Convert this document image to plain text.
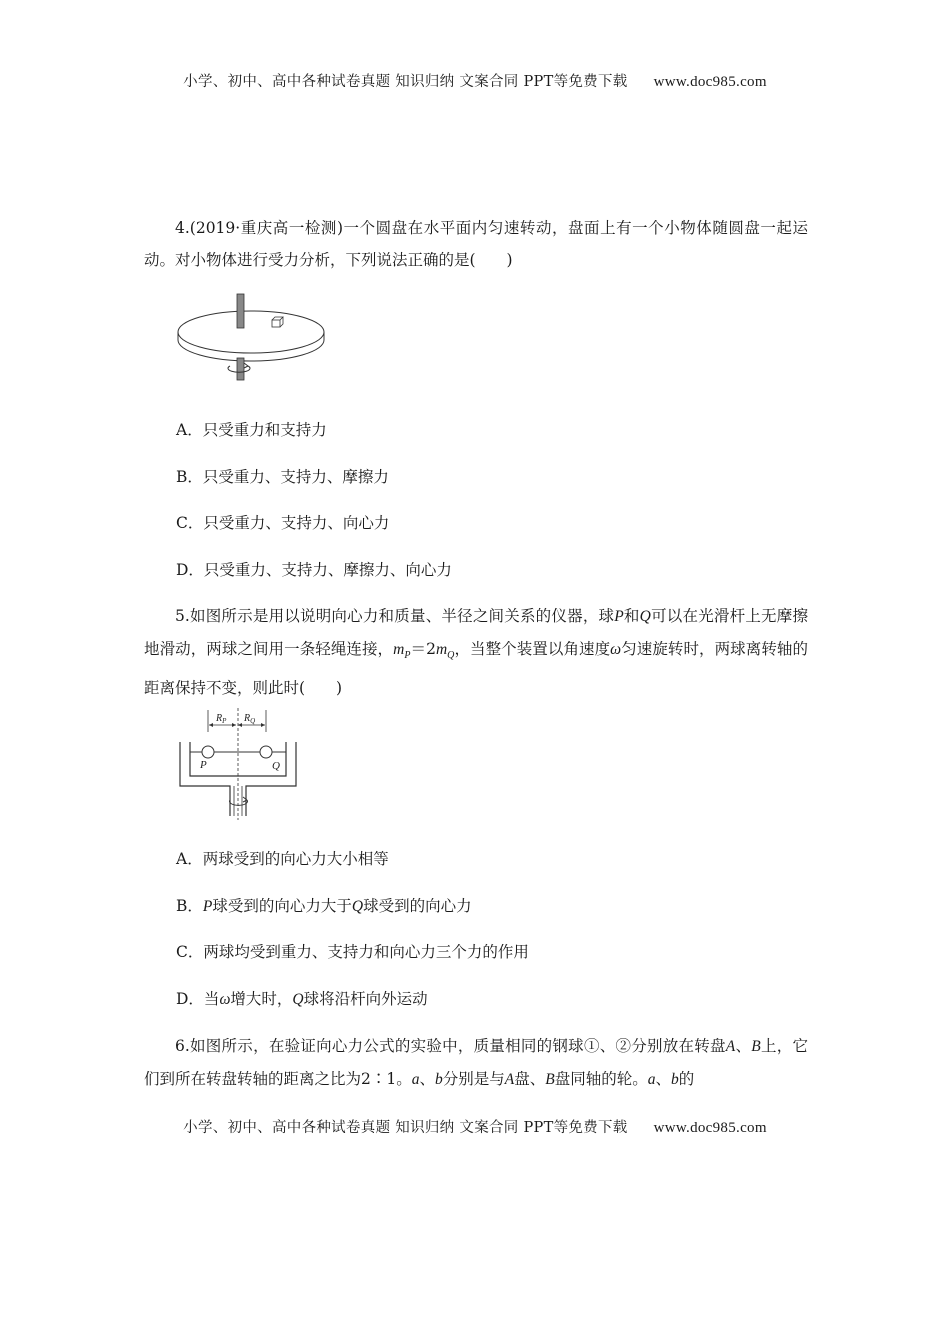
小学、初中、高中各种试卷真题 知识归纳 文案合同 PPT等免费下载 www.doc985.com
4.(2019·重庆高一检测)一个圆盘在水平面内匀速转动，盘面上有一个小物体随圆盘一起运动。对小物体进行受力分析，下列说法正确的是(　　)
A．只受重力和支持力
B．只受重力、支持力、摩擦力
C．只受重力、支持力、向心力
D．只受重力、支持力、摩擦力、向心力
5.如图所示是用以说明向心力和质量、半径之间关系的仪器，球P和Q可以在光滑杆上无摩擦地滑动，两球之间用一条轻绳连接，$m_P=2m_Q$，当整个装置以角速度ω匀速旋转时，两球离转轴的距离保持不变，则此时(　　)
$R_P$ $R_Q$
P	Q
A．两球受到的向心力大小相等
B．P球受到的向心力大于Q球受到的向心力
C．两球均受到重力、支持力和向心力三个力的作用
D．当ω增大时，Q球将沿杆向外运动
6.如图所示，在验证向心力公式的实验中，质量相同的钢球①、②分别放在转盘A、B上，它们到所在转盘转轴的距离之比为2∶1。a、b分别是与A盘、B盘同轴的轮。a、b的
小学、初中、高中各种试卷真题 知识归纳 文案合同 PPT等免费下载 www.doc985.com
